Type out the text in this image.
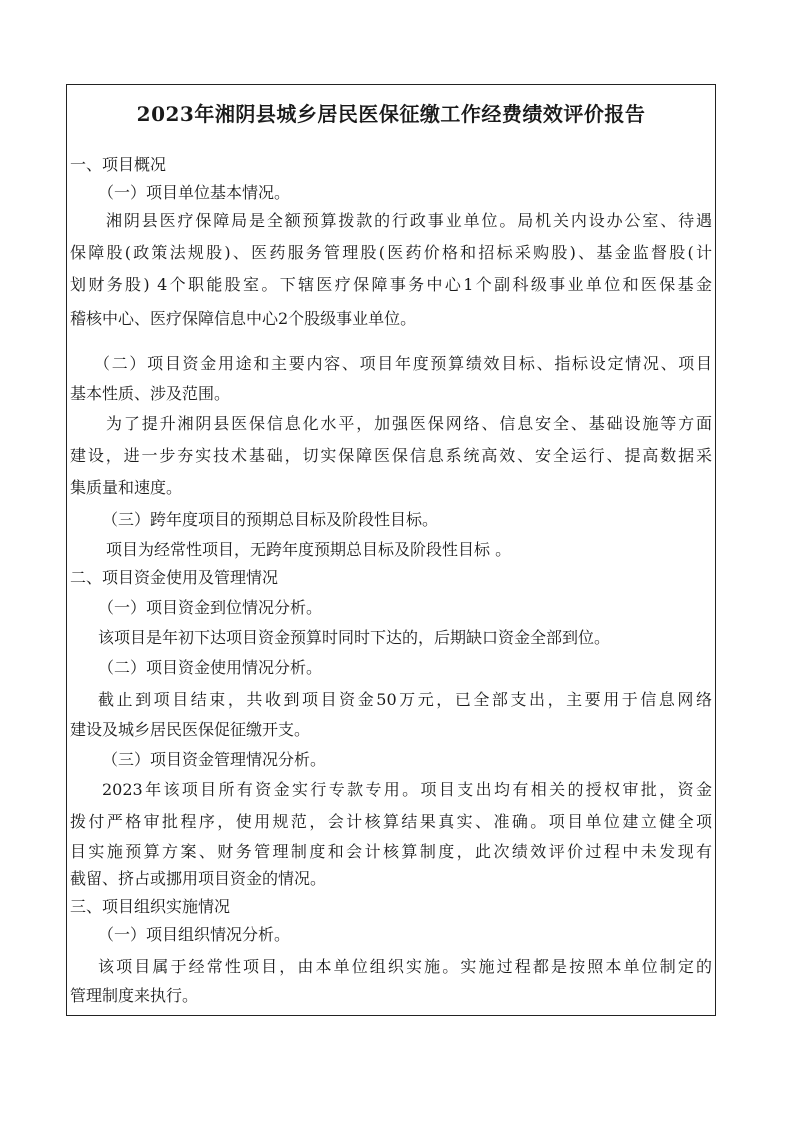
2023年湘阴县城乡居民医保征缴工作经费绩效评价报告
一、项目概况
（一）项目单位基本情况。
湘阴县医疗保障局是全额预算拨款的行政事业单位。局机关内设办公室、待遇
保障股(政策法规股)、医药服务管理股(医药价格和招标采购股)、基金监督股(计
划财务股) 4个职能股室。下辖医疗保障事务中心1个副科级事业单位和医保基金
稽核中心、医疗保障信息中心2个股级事业单位。
（二）项目资金用途和主要内容、项目年度预算绩效目标、指标设定情况、项目
基本性质、涉及范围。
为了提升湘阴县医保信息化水平，加强医保网络、信息安全、基础设施等方面
建设，进一步夯实技术基础，切实保障医保信息系统高效、安全运行、提高数据采
集质量和速度。
（三）跨年度项目的预期总目标及阶段性目标。
项目为经常性项目，无跨年度预期总目标及阶段性目标 。
二、项目资金使用及管理情况
（一）项目资金到位情况分析。
该项目是年初下达项目资金预算时同时下达的，后期缺口资金全部到位。
（二）项目资金使用情况分析。
截止到项目结束，共收到项目资金50万元，已全部支出，主要用于信息网络
建设及城乡居民医保促征缴开支。
（三）项目资金管理情况分析。
2023年该项目所有资金实行专款专用。项目支出均有相关的授权审批，资金
拨付严格审批程序，使用规范，会计核算结果真实、准确。项目单位建立健全项
目实施预算方案、财务管理制度和会计核算制度，此次绩效评价过程中未发现有
截留、挤占或挪用项目资金的情况。
三、项目组织实施情况
（一）项目组织情况分析。
该项目属于经常性项目，由本单位组织实施。实施过程都是按照本单位制定的
管理制度来执行。
